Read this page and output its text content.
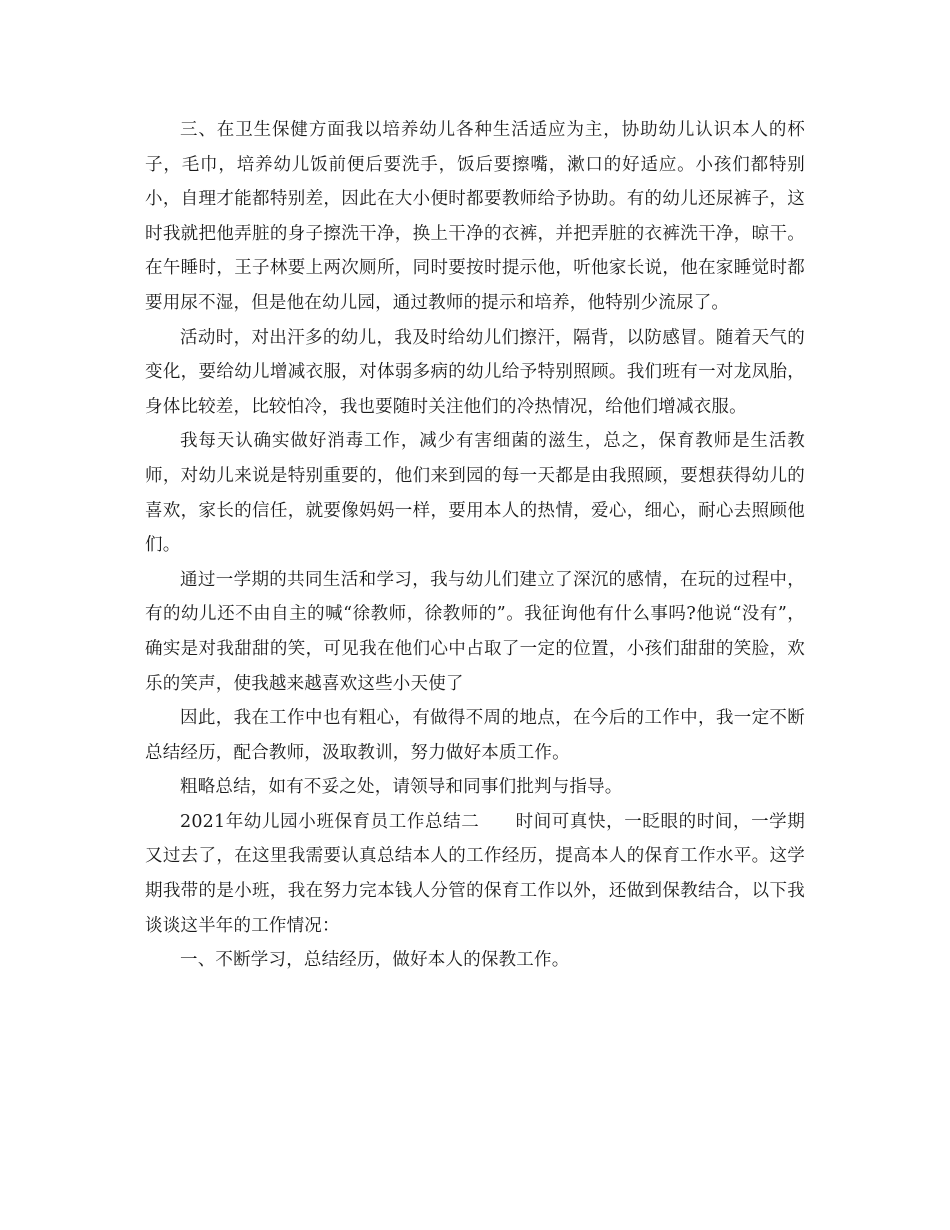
三、在卫生保健方面我以培养幼儿各种生活适应为主，协助幼儿认识本人的杯子，毛巾，培养幼儿饭前便后要洗手，饭后要擦嘴，漱口的好适应。小孩们都特别小，自理才能都特别差，因此在大小便时都要教师给予协助。有的幼儿还尿裤子，这时我就把他弄脏的身子擦洗干净，换上干净的衣裤，并把弄脏的衣裤洗干净，晾干。在午睡时，王子林要上两次厕所，同时要按时提示他，听他家长说，他在家睡觉时都要用尿不湿，但是他在幼儿园，通过教师的提示和培养，他特别少流尿了。

活动时，对出汗多的幼儿，我及时给幼儿们擦汗，隔背，以防感冒。随着天气的变化，要给幼儿增减衣服，对体弱多病的幼儿给予特别照顾。我们班有一对龙凤胎，身体比较差，比较怕冷，我也要随时关注他们的冷热情况，给他们增减衣服。

我每天认确实做好消毒工作，减少有害细菌的滋生，总之，保育教师是生活教师，对幼儿来说是特别重要的，他们来到园的每一天都是由我照顾，要想获得幼儿的喜欢，家长的信任，就要像妈妈一样，要用本人的热情，爱心，细心，耐心去照顾他们。

通过一学期的共同生活和学习，我与幼儿们建立了深沉的感情，在玩的过程中，有的幼儿还不由自主的喊“徐教师，徐教师的”。我征询他有什么事吗?他说“没有”，确实是对我甜甜的笑，可见我在他们心中占取了一定的位置，小孩们甜甜的笑脸，欢乐的笑声，使我越来越喜欢这些小天使了

因此，我在工作中也有粗心，有做得不周的地点，在今后的工作中，我一定不断总结经历，配合教师，汲取教训，努力做好本质工作。

粗略总结，如有不妥之处，请领导和同事们批判与指导。

2021年幼儿园小班保育员工作总结二　　时间可真快，一眨眼的时间，一学期又过去了，在这里我需要认真总结本人的工作经历，提高本人的保育工作水平。这学期我带的是小班，我在努力完本钱人分管的保育工作以外，还做到保教结合，以下我谈谈这半年的工作情况：

一、不断学习，总结经历，做好本人的保教工作。
